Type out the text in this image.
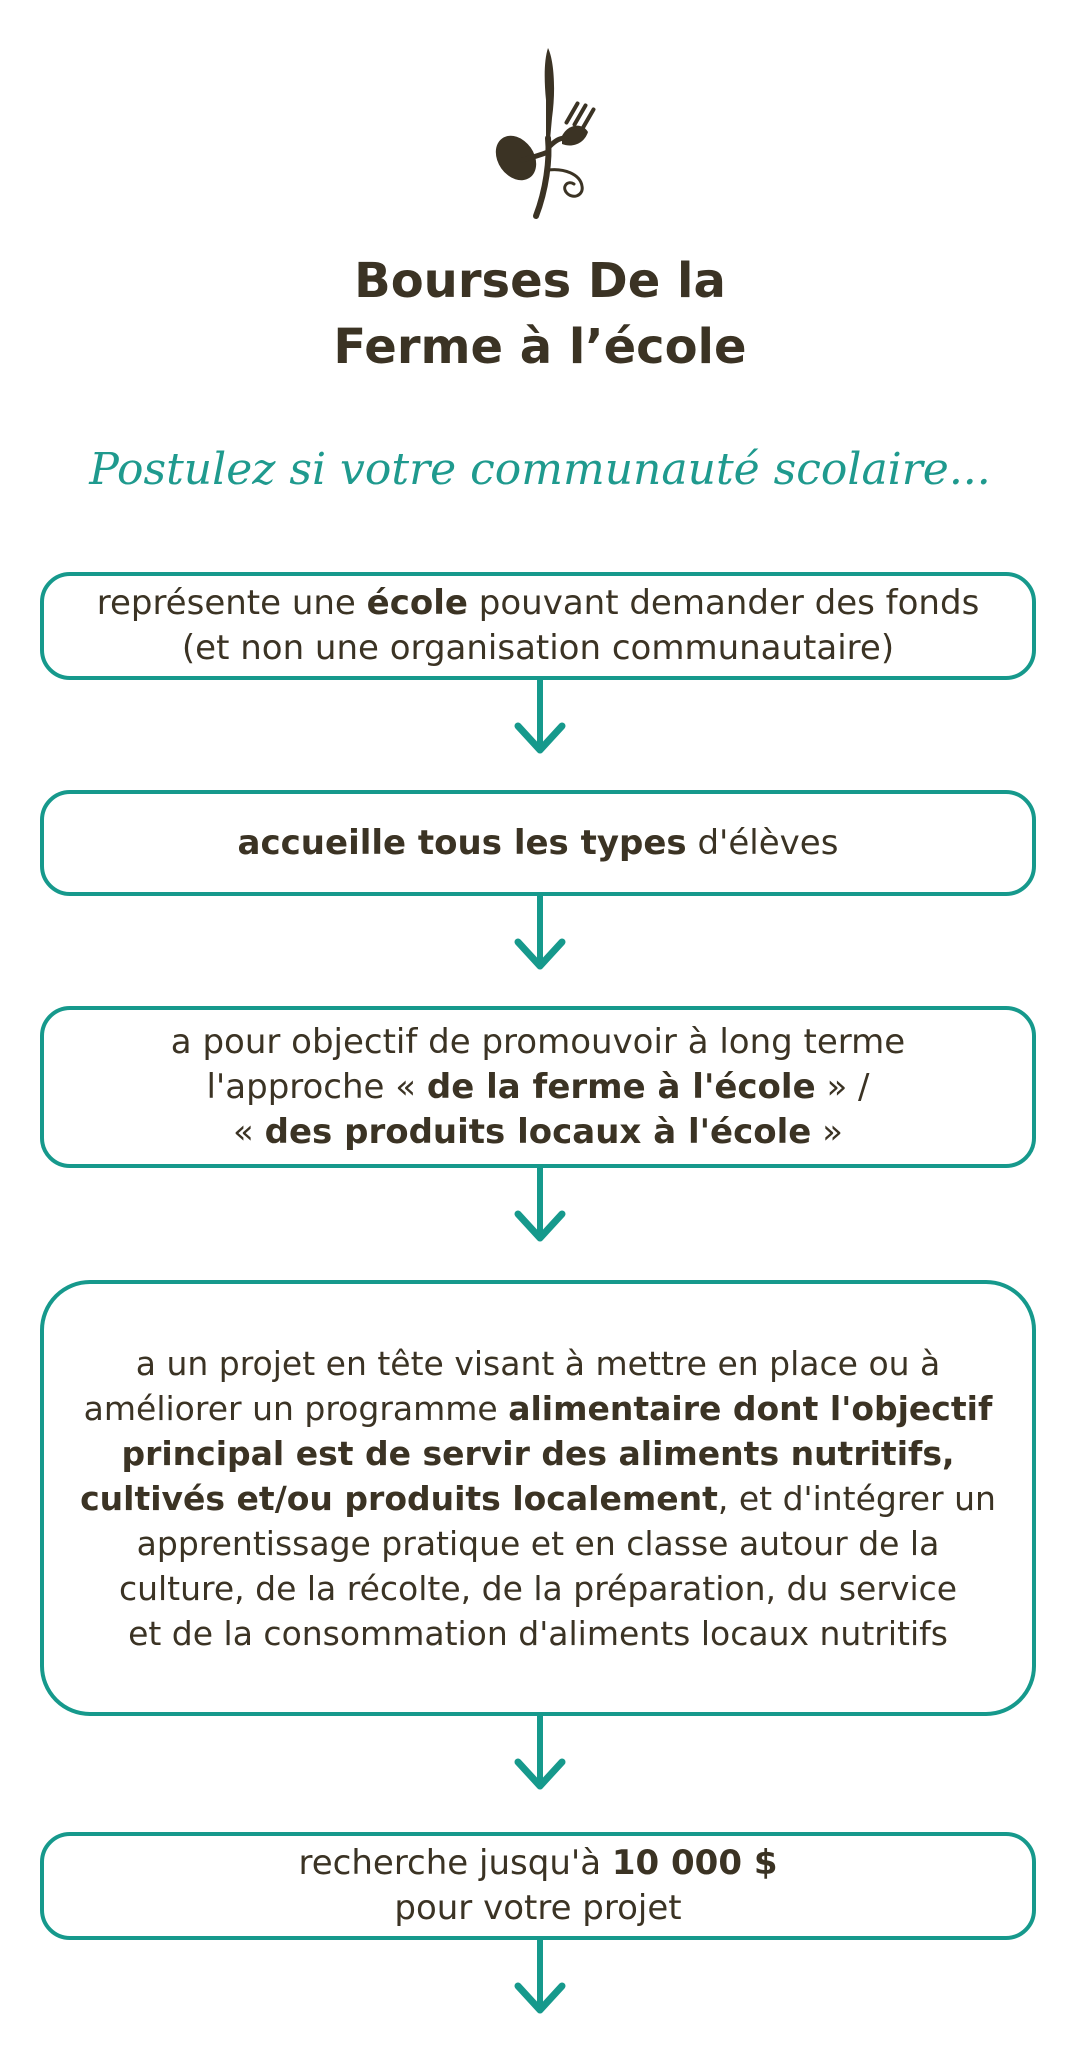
Bourses De la
Ferme à l’école

Postulez si votre communauté scolaire...

représente une école pouvant demander des fonds
(et non une organisation communautaire)
accueille tous les types d'élèves
a pour objectif de promouvoir à long terme
l'approche « de la ferme à l'école » /
« des produits locaux à l'école »
a un projet en tête visant à mettre en place ou à
améliorer un programme alimentaire dont l'objectif
principal est de servir des aliments nutritifs,
cultivés et/ou produits localement, et d'intégrer un
apprentissage pratique et en classe autour de la
culture, de la récolte, de la préparation, du service
et de la consommation d'aliments locaux nutritifs
recherche jusqu'à 10 000 $
pour votre projet
